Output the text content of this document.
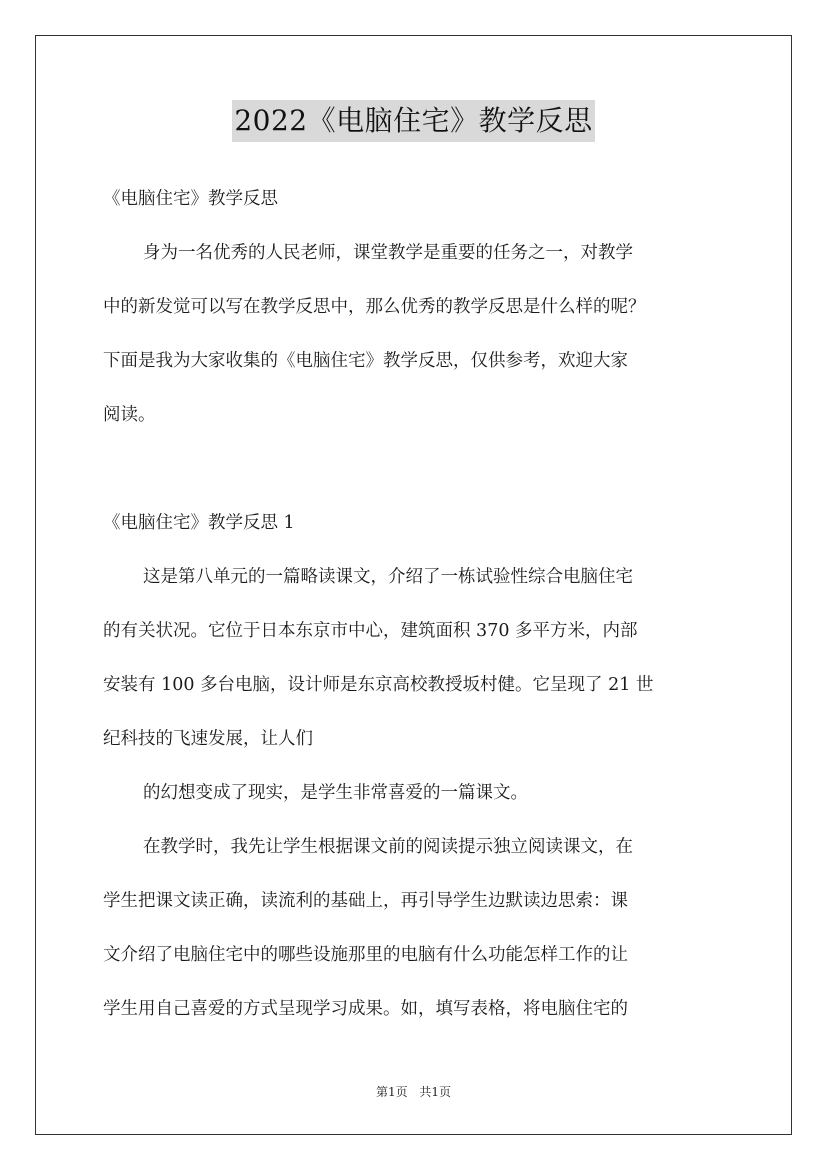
2022《电脑住宅》教学反思
《电脑住宅》教学反思
身为一名优秀的人民老师，课堂教学是重要的任务之一，对教学
中的新发觉可以写在教学反思中，那么优秀的教学反思是什么样的呢？
下面是我为大家收集的《电脑住宅》教学反思，仅供参考，欢迎大家
阅读。
《电脑住宅》教学反思 1
这是第八单元的一篇略读课文，介绍了一栋试验性综合电脑住宅
的有关状况。它位于日本东京市中心，建筑面积 370 多平方米，内部
安装有 100 多台电脑，设计师是东京高校教授坂村健。它呈现了 21 世
纪科技的飞速发展，让人们
的幻想变成了现实，是学生非常喜爱的一篇课文。
在教学时，我先让学生根据课文前的阅读提示独立阅读课文，在
学生把课文读正确，读流利的基础上，再引导学生边默读边思索：课
文介绍了电脑住宅中的哪些设施那里的电脑有什么功能怎样工作的让
学生用自己喜爱的方式呈现学习成果。如，填写表格，将电脑住宅的
第1页 共1页
